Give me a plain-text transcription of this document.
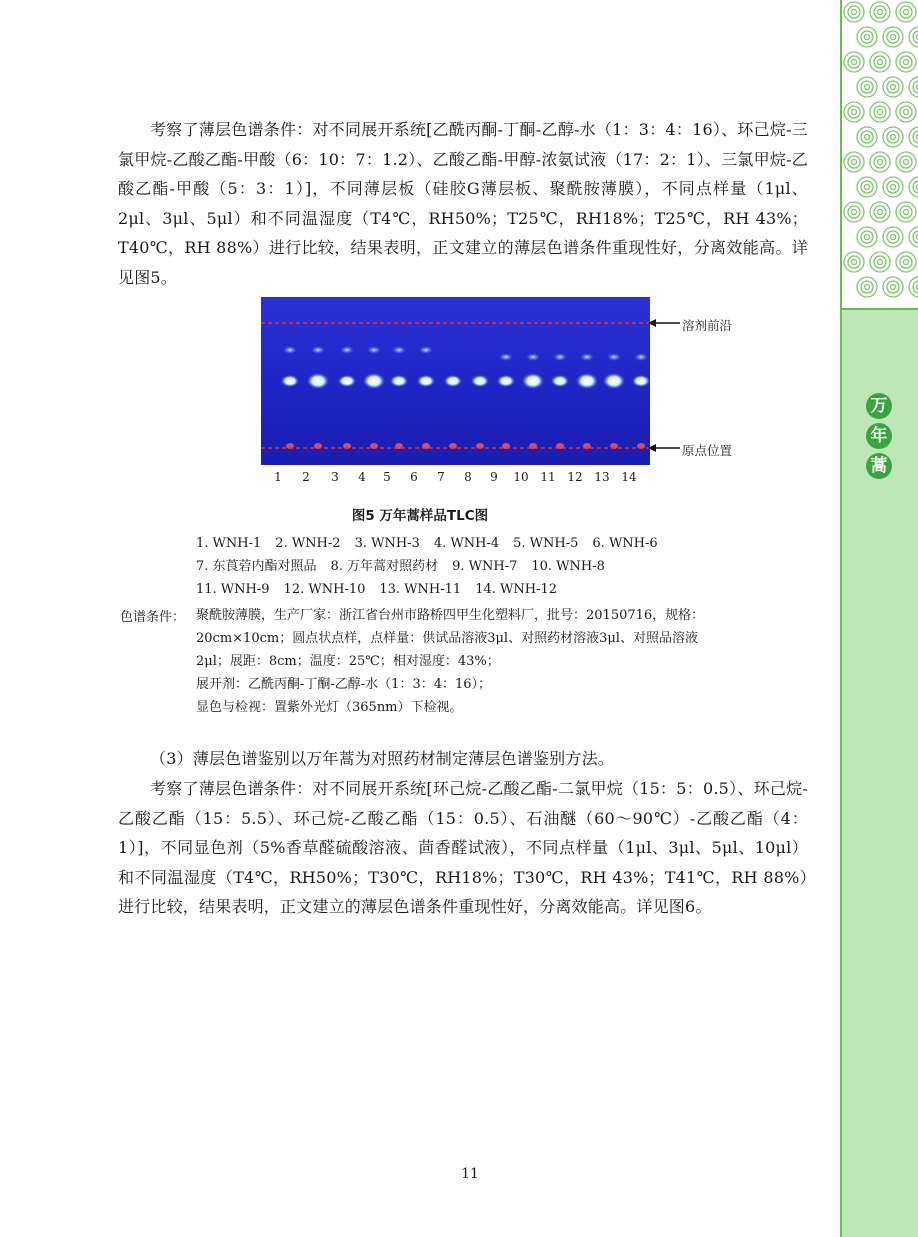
考察了薄层色谱条件：对不同展开系统[乙酰丙酮-丁酮-乙醇-水（1：3：4：16）、环己烷-三氯甲烷-乙酸乙酯-甲酸（6：10：7：1.2）、乙酸乙酯-甲醇-浓氨试液（17：2：1）、三氯甲烷-乙酸乙酯-甲酸（5：3：1）]，不同薄层板（硅胶G薄层板、聚酰胺薄膜），不同点样量（1μl、2μl、3μl、5μl）和不同温湿度（T4℃，RH50%；T25℃，RH18%；T25℃，RH 43%；T40℃，RH 88%）进行比较，结果表明，正文建立的薄层色谱条件重现性好，分离效能高。详见图5。

溶剂前沿
原点位置
1	2	3	4	5	6	7	8	9	10 11 12 13 14
图5 万年蒿样品TLC图
1. WNH-1 2. WNH-2 3. WNH-3 4. WNH-4 5. WNH-5 6. WNH-6
7. 东莨菪内酯对照品 8. 万年蒿对照药材 9. WNH-7 10. WNH-8
11. WNH-9 12. WNH-10 13. WNH-11 14. WNH-12
色谱条件： 聚酰胺薄膜，生产厂家：浙江省台州市路桥四甲生化塑料厂，批号：20150716，规格：
20cm×10cm；圆点状点样，点样量：供试品溶液3μl、对照药材溶液3μl、对照品溶液
2μl；展距：8cm；温度：25℃；相对湿度：43%；
展开剂：乙酰丙酮-丁酮-乙醇-水（1：3：4：16）；
显色与检视：置紫外光灯（365nm）下检视。

（3）薄层色谱鉴别以万年蒿为对照药材制定薄层色谱鉴别方法。

考察了薄层色谱条件：对不同展开系统[环己烷-乙酸乙酯-二氯甲烷（15：5：0.5）、环己烷-乙酸乙酯（15：5.5）、环己烷-乙酸乙酯（15：0.5）、石油醚（60～90℃）-乙酸乙酯（4：1）]，不同显色剂（5%香草醛硫酸溶液、茴香醛试液），不同点样量（1μl、3μl、5μl、10μl）和不同温湿度（T4℃，RH50%；T30℃，RH18%；T30℃，RH 43%；T41℃，RH 88%）进行比较，结果表明，正文建立的薄层色谱条件重现性好，分离效能高。详见图6。

11
万
年
蒿
